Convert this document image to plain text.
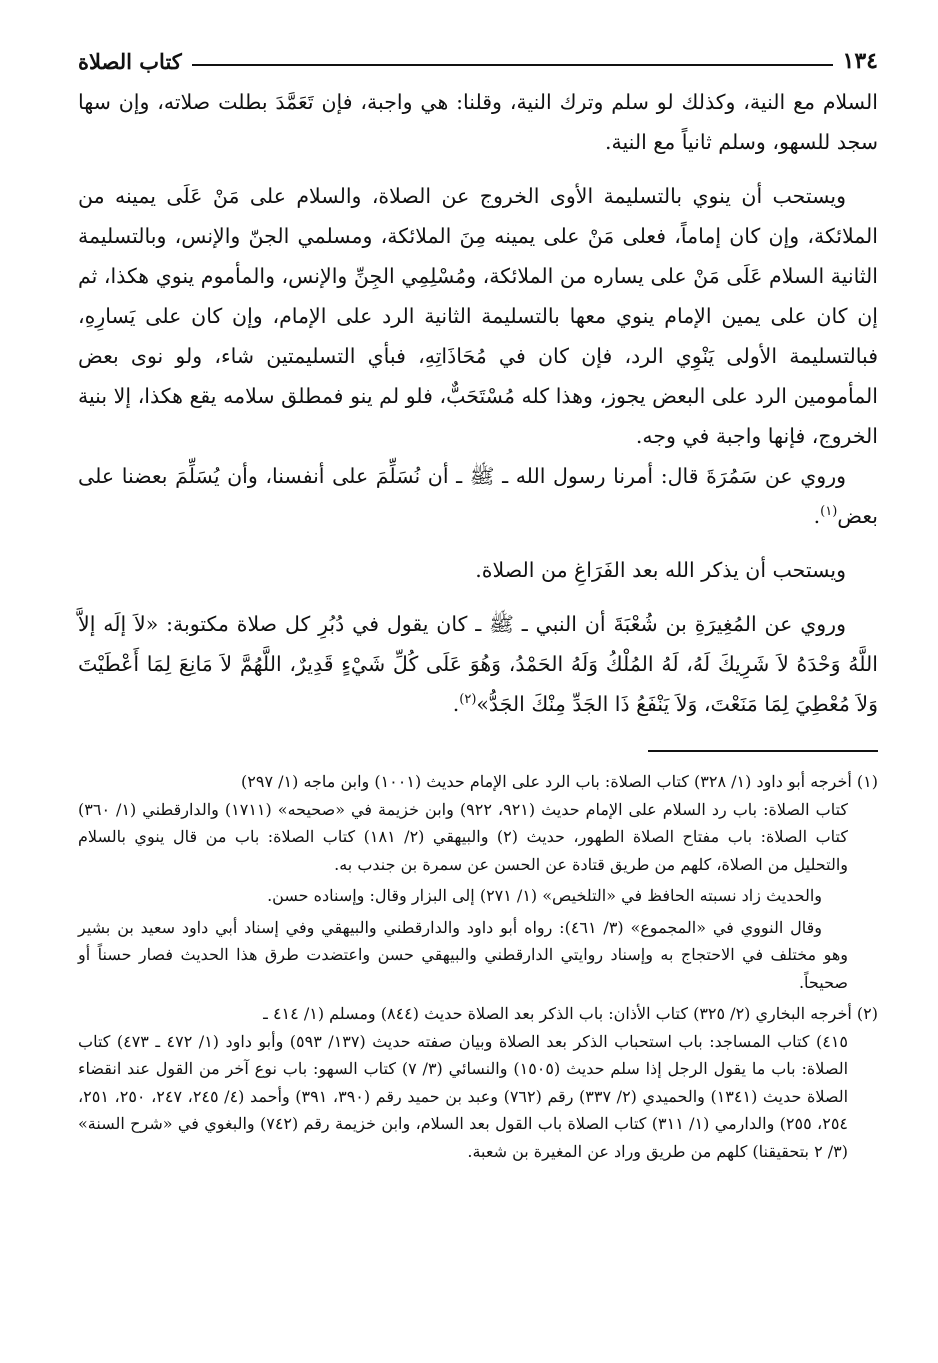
١٣٤
كتاب الصلاة

السلام مع النية، وكذلك لو سلم وترك النية، وقلنا: هي واجبة، فإن تَعَمَّدَ بطلت صلاته، وإن سها سجد للسهو، وسلم ثانياً مع النية.

ويستحب أن ينوي بالتسليمة الأوى الخروج عن الصلاة، والسلام على مَنْ عَلَى يمينه من الملائكة، وإن كان إماماً، فعلى مَنْ على يمينه مِنَ الملائكة، ومسلمي الجنّ والإنس، وبالتسليمة الثانية السلام عَلَى مَنْ على يساره من الملائكة، ومُسْلِمِي الجِنِّ والإنس، والمأموم ينوي هكذا، ثم إن كان على يمين الإمام ينوي معها بالتسليمة الثانية الرد على الإمام، وإن كان على يَسارِهِ، فبالتسليمة الأولى يَنْوِي الرد، فإن كان في مُحَاذَاتِهِ، فبأي التسليمتين شاء، ولو نوى بعض المأمومين الرد على البعض يجوز، وهذا كله مُسْتَحَبٌّ، فلو لم ينو فمطلق سلامه يقع هكذا، إلا بنية الخروج، فإنها واجبة في وجه.

وروي عن سَمُرَةَ قال: أمرنا رسول الله ـ ﷺ ـ أن نُسَلِّمَ على أنفسنا، وأن يُسَلِّمَ بعضنا على بعض$^{(١)}$.

ويستحب أن يذكر الله بعد الفَرَاغِ من الصلاة.

وروي عن المُغِيرَةِ بن شُعْبَةَ أن النبي ـ ﷺ ـ كان يقول في دُبُرِ كل صلاة مكتوبة: «لاَ إلَه إلاَّ اللَّهُ وَحْدَهُ لاَ شَرِيكَ لَهُ، لَهُ المُلْكُ وَلَهُ الحَمْدُ، وَهُوَ عَلَى كُلِّ شَيْءٍ قَدِيرٌ، اللَّهُمَّ لاَ مَانِعَ لِمَا أَعْطَيْتَ وَلاَ مُعْطِيَ لِمَا مَنَعْتَ، وَلاَ يَنْفَعُ ذَا الجَدِّ مِنْكَ الجَدُّ»$^{(٢)}$.

(١) أخرجه أبو داود (١/ ٣٢٨) كتاب الصلاة: باب الرد على الإمام حديث (١٠٠١) وابن ماجه (١/ ٢٩٧)

كتاب الصلاة: باب رد السلام على الإمام حديث (٩٢١، ٩٢٢) وابن خزيمة في «صحيحه» (١٧١١) والدارقطني (١/ ٣٦٠) كتاب الصلاة: باب مفتاح الصلاة الطهور، حديث (٢) والبيهقي (٢/ ١٨١) كتاب الصلاة: باب من قال ينوي بالسلام والتحليل من الصلاة، كلهم من طريق قتادة عن الحسن عن سمرة بن جندب به.

والحديث زاد نسبته الحافظ في «التلخيص» (١/ ٢٧١) إلى البزار وقال: وإسناده حسن.

وقال النووي في «المجموع» (٣/ ٤٦١): رواه أبو داود والدارقطني والبيهقي وفي إسناد أبي داود سعيد بن بشير وهو مختلف في الاحتجاج به وإسناد روايتي الدارقطني والبيهقي حسن واعتضدت طرق هذا الحديث فصار حسناً أو صحيحاً.

(٢) أخرجه البخاري (٢/ ٣٢٥) كتاب الأذان: باب الذكر بعد الصلاة حديث (٨٤٤) ومسلم (١/ ٤١٤ ـ

٤١٥) كتاب المساجد: باب استحباب الذكر بعد الصلاة وبيان صفته حديث (١٣٧/ ٥٩٣) وأبو داود (١/ ٤٧٢ ـ ٤٧٣) كتاب الصلاة: باب ما يقول الرجل إذا سلم حديث (١٥٠٥) والنسائي (٣/ ٧) كتاب السهو: باب نوع آخر من القول عند انقضاء الصلاة حديث (١٣٤١) والحميدي (٢/ ٣٣٧) رقم (٧٦٢) وعبد بن حميد رقم (٣٩٠، ٣٩١) وأحمد (٤/ ٢٤٥، ٢٤٧، ٢٥٠، ٢٥١، ٢٥٤، ٢٥٥) والدارمي (١/ ٣١١) كتاب الصلاة باب القول بعد السلام، وابن خزيمة رقم (٧٤٢) والبغوي في «شرح السنة» (٣/ ٢ بتحقيقنا) كلهم من طريق وراد عن المغيرة بن شعبة.
